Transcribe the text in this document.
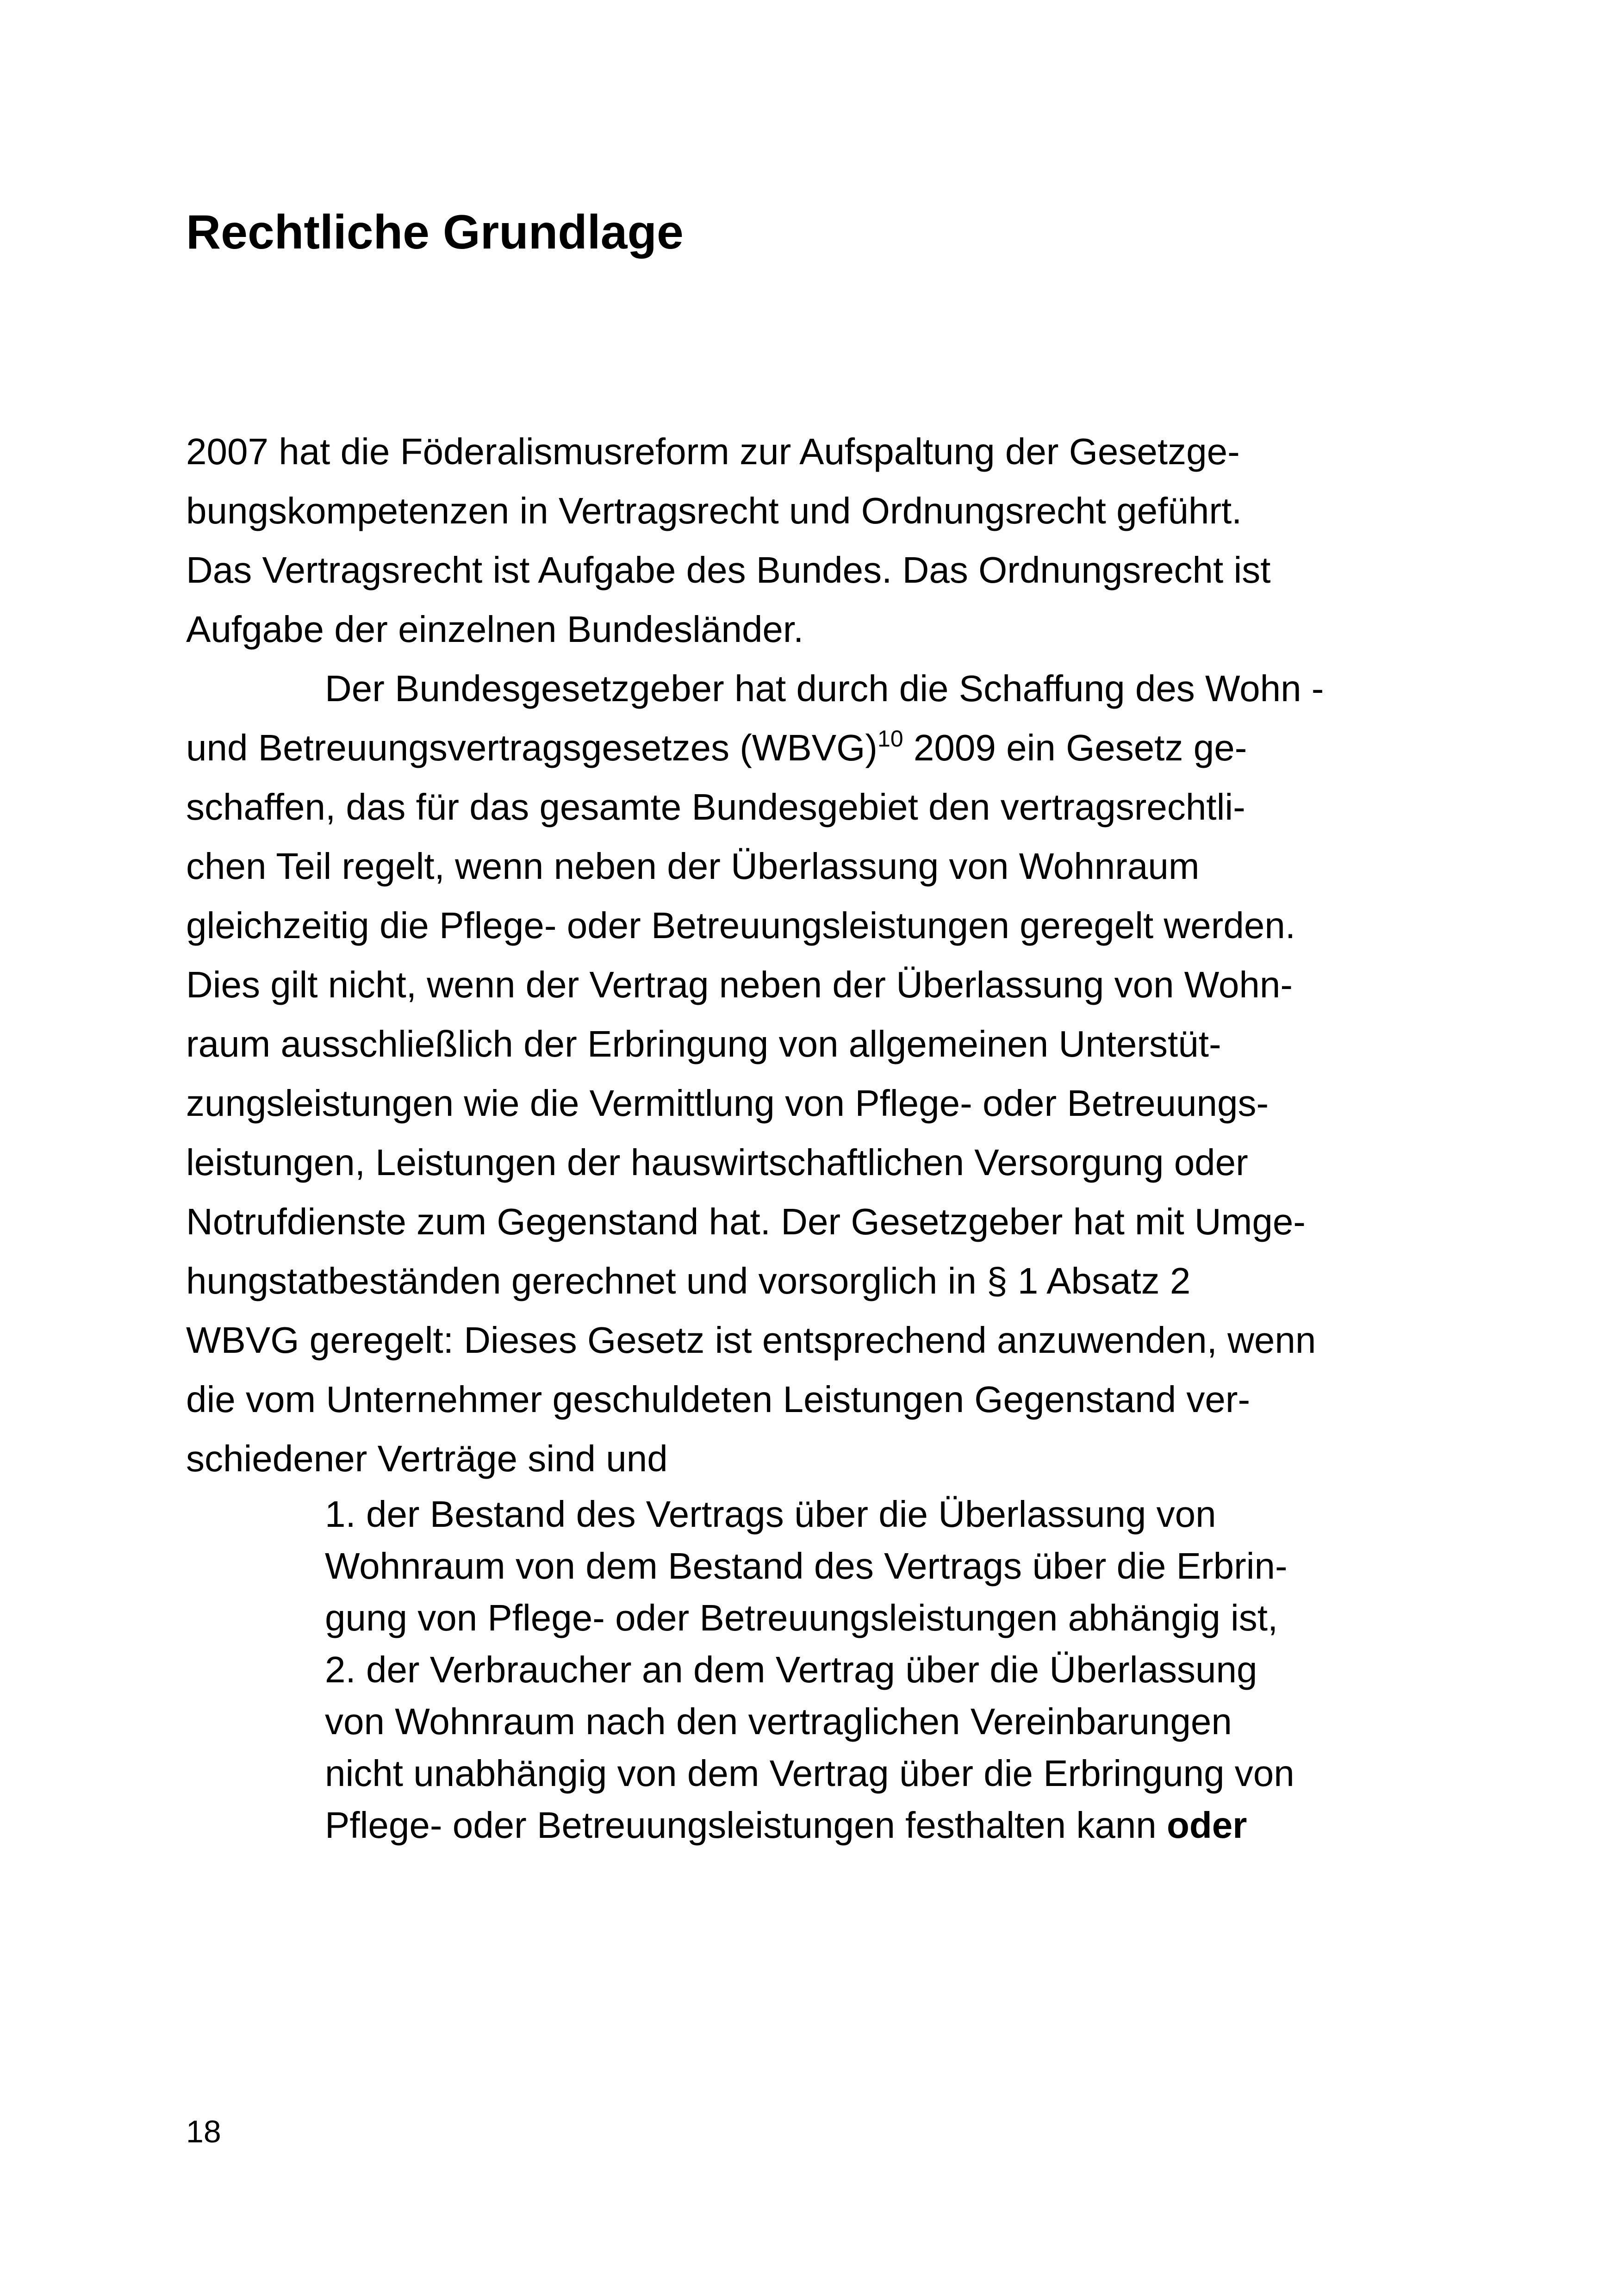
Rechtliche Grundlage

2007 hat die Föderalismusreform zur Aufspaltung der Gesetzge-
bungskompetenzen in Vertragsrecht und Ordnungsrecht geführt.
Das Vertragsrecht ist Aufgabe des Bundes. Das Ordnungsrecht ist
Aufgabe der einzelnen Bundesländer.

Der Bundesgesetzgeber hat durch die Schaffung des Wohn -
und Betreuungsvertragsgesetzes (WBVG)$^{10}$ 2009 ein Gesetz ge-
schaffen, das für das gesamte Bundesgebiet den vertragsrechtli-
chen Teil regelt, wenn neben der Überlassung von Wohnraum
gleichzeitig die Pflege- oder Betreuungsleistungen geregelt werden.
Dies gilt nicht, wenn der Vertrag neben der Überlassung von Wohn-
raum ausschließlich der Erbringung von allgemeinen Unterstüt-
zungsleistungen wie die Vermittlung von Pflege- oder Betreuungs-
leistungen, Leistungen der hauswirtschaftlichen Versorgung oder
Notrufdienste zum Gegenstand hat. Der Gesetzgeber hat mit Umge-
hungstatbeständen gerechnet und vorsorglich in § 1 Absatz 2
WBVG geregelt: Dieses Gesetz ist entsprechend anzuwenden, wenn
die vom Unternehmer geschuldeten Leistungen Gegenstand ver-
schiedener Verträge sind und

1. der Bestand des Vertrags über die Überlassung von
Wohnraum von dem Bestand des Vertrags über die Erbrin-
gung von Pflege- oder Betreuungsleistungen abhängig ist,
2. der Verbraucher an dem Vertrag über die Überlassung
von Wohnraum nach den vertraglichen Vereinbarungen
nicht unabhängig von dem Vertrag über die Erbringung von
Pflege- oder Betreuungsleistungen festhalten kann oder
18
